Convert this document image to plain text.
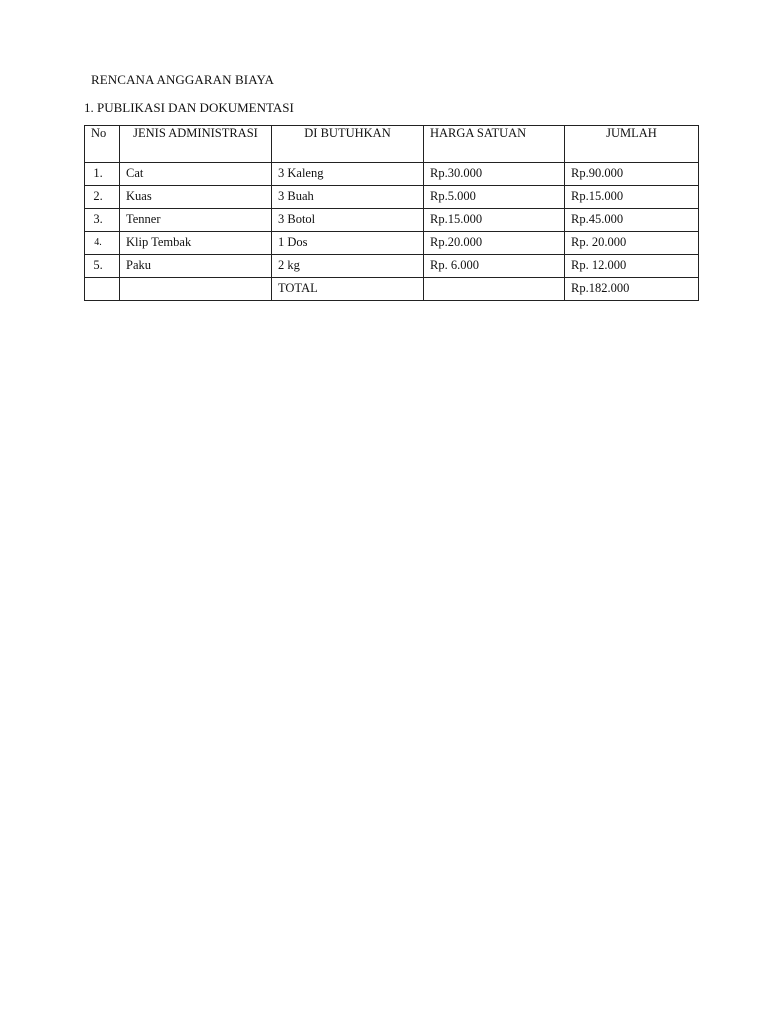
RENCANA ANGGARAN BIAYA
1. PUBLIKASI DAN DOKUMENTASI
No	JENIS ADMINISTRASI	DI BUTUHKAN	HARGA SATUAN	JUMLAH
1.	Cat	3 Kaleng	Rp.30.000	Rp.90.000
2.	Kuas	3 Buah	Rp.5.000	Rp.15.000
3.	Tenner	3 Botol	Rp.15.000	Rp.45.000
4.	Klip Tembak	1 Dos	Rp.20.000	Rp. 20.000
5.	Paku	2 kg	Rp. 6.000	Rp. 12.000
		TOTAL		Rp.182.000
